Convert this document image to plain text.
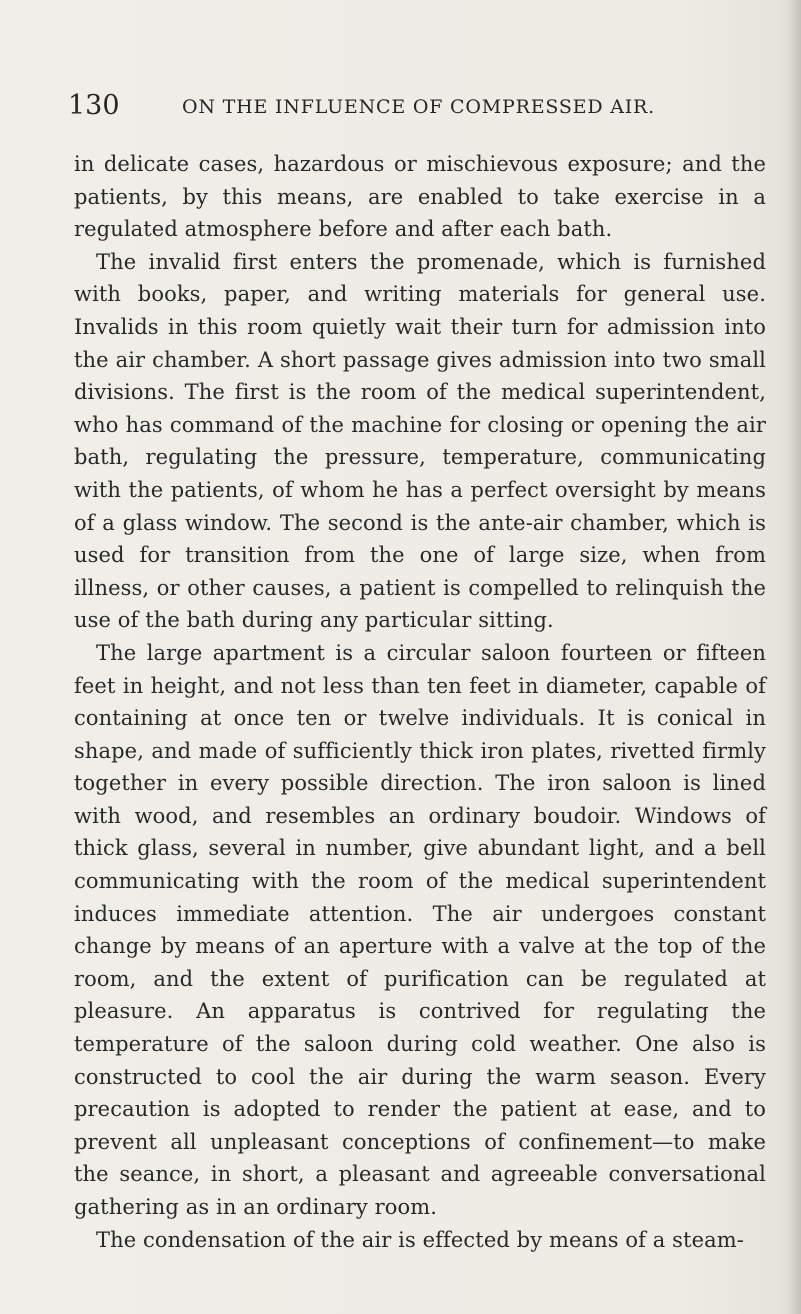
130	ON THE INFLUENCE OF COMPRESSED AIR.

in delicate cases, hazardous or mischievous exposure; and the patients, by this means, are enabled to take exercise in a regulated atmosphere before and after each bath.

The invalid first enters the promenade, which is furnished with books, paper, and writing materials for general use. Invalids in this room quietly wait their turn for admission into the air chamber. A short passage gives admission into two small divisions. The first is the room of the medical superintendent, who has command of the machine for closing or opening the air bath, regulating the pressure, temperature, communicating with the patients, of whom he has a perfect oversight by means of a glass window. The second is the ante-air chamber, which is used for transition from the one of large size, when from illness, or other causes, a patient is compelled to relinquish the use of the bath during any particular sitting.

The large apartment is a circular saloon fourteen or fifteen feet in height, and not less than ten feet in diameter, capable of containing at once ten or twelve individuals. It is conical in shape, and made of sufficiently thick iron plates, rivetted firmly together in every possible direction. The iron saloon is lined with wood, and resembles an ordinary boudoir. Windows of thick glass, several in number, give abundant light, and a bell communicating with the room of the medical superintendent induces immediate attention. The air undergoes constant change by means of an aperture with a valve at the top of the room, and the extent of purification can be regulated at pleasure. An apparatus is contrived for regulating the temperature of the saloon during cold weather. One also is constructed to cool the air during the warm season. Every precaution is adopted to render the patient at ease, and to prevent all unpleasant conceptions of confinement—to make the seance, in short, a pleasant and agreeable conversational gathering as in an ordinary room.

The condensation of the air is effected by means of a steam-
